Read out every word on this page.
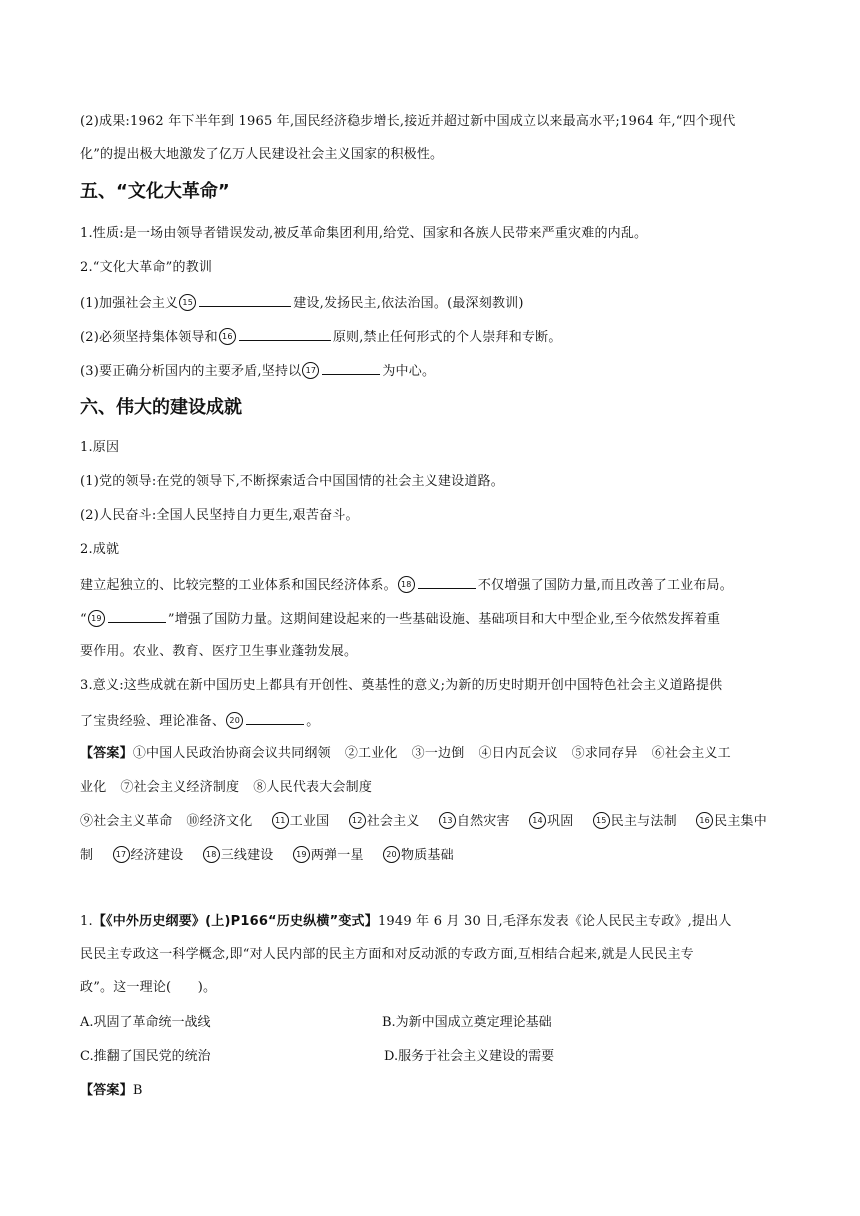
(2)成果:1962 年下半年到 1965 年,国民经济稳步增长,接近并超过新中国成立以来最高水平;1964 年,“四个现代
化”的提出极大地激发了亿万人民建设社会主义国家的积极性。
五、“文化大革命”
1.性质:是一场由领导者错误发动,被反革命集团利用,给党、国家和各族人民带来严重灾难的内乱。
2.“文化大革命”的教训
(1)加强社会主义 15	建设,发扬民主,依法治国。(最深刻教训)
(2)必须坚持集体领导和 16	原则,禁止任何形式的个人崇拜和专断。
(3)要正确分析国内的主要矛盾,坚持以 17	为中心。
六、伟大的建设成就
1.原因
(1)党的领导:在党的领导下,不断探索适合中国国情的社会主义建设道路。
(2)人民奋斗:全国人民坚持自力更生,艰苦奋斗。
2.成就
建立起独立的、比较完整的工业体系和国民经济体系。 18	不仅增强了国防力量,而且改善了工业布局。
“ 19	”增强了国防力量。这期间建设起来的一些基础设施、基础项目和大中型企业,至今依然发挥着重
要作用。农业、教育、医疗卫生事业蓬勃发展。
3.意义:这些成就在新中国历史上都具有开创性、奠基性的意义;为新的历史时期开创中国特色社会主义道路提供
了宝贵经验、理论准备、 20	。
【答案】①中国人民政治协商会议共同纲领 ②工业化 ③一边倒 ④日内瓦会议 ⑤求同存异 ⑥社会主义工
业化 ⑦社会主义经济制度 ⑧人民代表大会制度
⑨社会主义革命 ⑩经济文化	11 工业国	12 社会主义	13 自然灾害	14 巩固	15 民主与法制	16 民主集中
制	17 经济建设	18 三线建设	19 两弹一星	20 物质基础
1.【《中外历史纲要》(上)P166“历史纵横”变式】1949 年 6 月 30 日,毛泽东发表《论人民民主专政》,提出人
民民主专政这一科学概念,即“对人民内部的民主方面和对反动派的专政方面,互相结合起来,就是人民民主专
政”。这一理论(　　)。
A.巩固了革命统一战线	B.为新中国成立奠定理论基础
C.推翻了国民党的统治	D.服务于社会主义建设的需要
【答案】B
